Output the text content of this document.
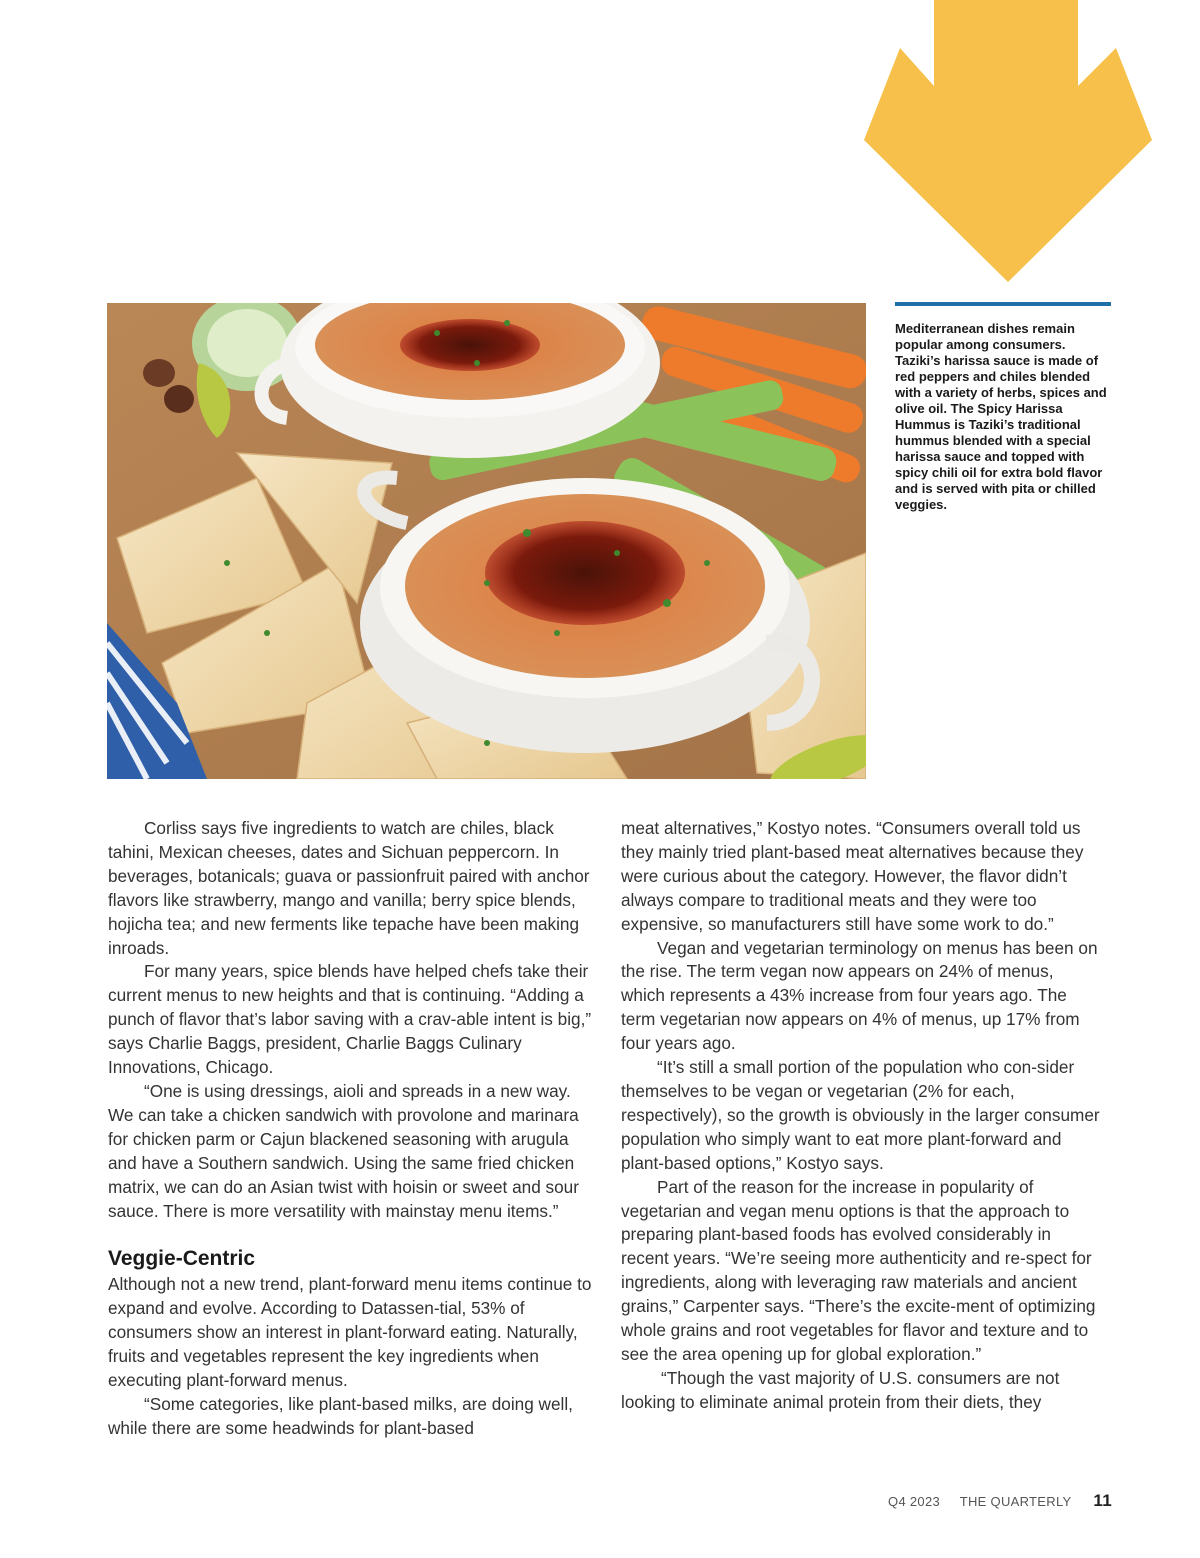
Mediterranean dishes remain popular among consumers. Taziki’s harissa sauce is made of red peppers and chiles blended with a variety of herbs, spices and olive oil. The Spicy Harissa Hummus is Taziki’s traditional hummus blended with a special harissa sauce and topped with spicy chili oil for extra bold flavor and is served with pita or chilled veggies.

Corliss says five ingredients to watch are chiles, black tahini, Mexican cheeses, dates and Sichuan peppercorn. In beverages, botanicals; guava or passionfruit paired with anchor flavors like strawberry, mango and vanilla; berry spice blends, hojicha tea; and new ferments like tepache have been making inroads.

For many years, spice blends have helped chefs take their current menus to new heights and that is continuing. “Adding a punch of flavor that’s labor saving with a crav-able intent is big,” says Charlie Baggs, president, Charlie Baggs Culinary Innovations, Chicago.

“One is using dressings, aioli and spreads in a new way. We can take a chicken sandwich with provolone and marinara for chicken parm or Cajun blackened seasoning with arugula and have a Southern sandwich. Using the same fried chicken matrix, we can do an Asian twist with hoisin or sweet and sour sauce. There is more versatility with mainstay menu items.”

Veggie-Centric

Although not a new trend, plant-forward menu items continue to expand and evolve. According to Datassen-tial, 53% of consumers show an interest in plant-forward eating. Naturally, fruits and vegetables represent the key ingredients when executing plant-forward menus.

“Some categories, like plant-based milks, are doing well, while there are some headwinds for plant-based

meat alternatives,” Kostyo notes. “Consumers overall told us they mainly tried plant-based meat alternatives because they were curious about the category. However, the flavor didn’t always compare to traditional meats and they were too expensive, so manufacturers still have some work to do.”

Vegan and vegetarian terminology on menus has been on the rise. The term vegan now appears on 24% of menus, which represents a 43% increase from four years ago. The term vegetarian now appears on 4% of menus, up 17% from four years ago.

“It’s still a small portion of the population who con-sider themselves to be vegan or vegetarian (2% for each, respectively), so the growth is obviously in the larger consumer population who simply want to eat more plant-forward and plant-based options,” Kostyo says.

Part of the reason for the increase in popularity of vegetarian and vegan menu options is that the approach to preparing plant-based foods has evolved considerably in recent years. “We’re seeing more authenticity and re-spect for ingredients, along with leveraging raw materials and ancient grains,” Carpenter says. “There’s the excite-ment of optimizing whole grains and root vegetables for flavor and texture and to see the area opening up for global exploration.”

“Though the vast majority of U.S. consumers are not looking to eliminate animal protein from their diets, they

Q4 2023 THE QUARTERLY 11
